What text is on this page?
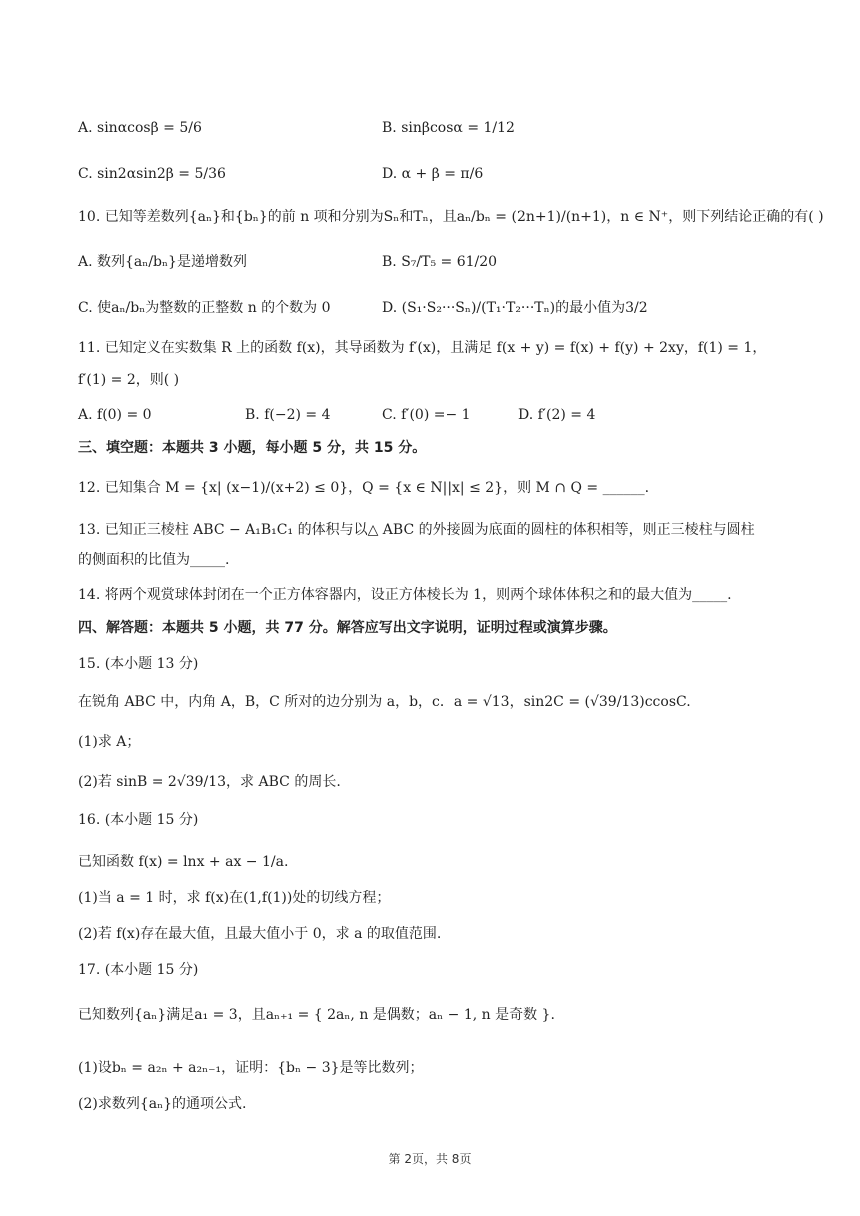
A. sinαcosβ = 5/6	B. sinβcosα = 1/12
C. sin2αsin2β = 5/36	D. α + β = π/6
10. 已知等差数列{aₙ}和{bₙ}的前 n 项和分别为Sₙ和Tₙ，且aₙ/bₙ = (2n+1)/(n+1)，n ∈ N⁺，则下列结论正确的有( )
A. 数列{aₙ/bₙ}是递增数列	B. S₇/T₅ = 61/20
C. 使aₙ/bₙ为整数的正整数 n 的个数为 0	D. (S₁·S₂···Sₙ)/(T₁·T₂···Tₙ)的最小值为3/2
11. 已知定义在实数集 R 上的函数 f(x)，其导函数为 f′(x)，且满足 f(x + y) = f(x) + f(y) + 2xy，f(1) = 1，
f′(1) = 2，则( )
A. f(0) = 0	B. f(−2) = 4	C. f′(0) =− 1	D. f′(2) = 4
三、填空题：本题共 3 小题，每小题 5 分，共 15 分。
12. 已知集合 M = {x| (x−1)/(x+2) ≤ 0}，Q = {x ∈ N||x| ≤ 2}，则 M ∩ Q = ______.
13. 已知正三棱柱 ABC − A₁B₁C₁ 的体积与以△ ABC 的外接圆为底面的圆柱的体积相等，则正三棱柱与圆柱
的侧面积的比值为_____.
14. 将两个观赏球体封闭在一个正方体容器内，设正方体棱长为 1，则两个球体体积之和的最大值为_____.
四、解答题：本题共 5 小题，共 77 分。解答应写出文字说明，证明过程或演算步骤。
15. (本小题 13 分)
在锐角 ABC 中，内角 A，B，C 所对的边分别为 a，b，c．a = √13，sin2C = (√39/13)ccosC.
(1)求 A；
(2)若 sinB = 2√39/13，求 ABC 的周长.
16. (本小题 15 分)
已知函数 f(x) = lnx + ax − 1/a.
(1)当 a = 1 时，求 f(x)在(1,f(1))处的切线方程；
(2)若 f(x)存在最大值，且最大值小于 0，求 a 的取值范围.
17. (本小题 15 分)
已知数列{aₙ}满足a₁ = 3，且aₙ₊₁ = { 2aₙ, n 是偶数；aₙ − 1, n 是奇数 }.
(1)设bₙ = a₂ₙ + a₂ₙ₋₁，证明：{bₙ − 3}是等比数列；
(2)求数列{aₙ}的通项公式.
第 2页，共 8页
